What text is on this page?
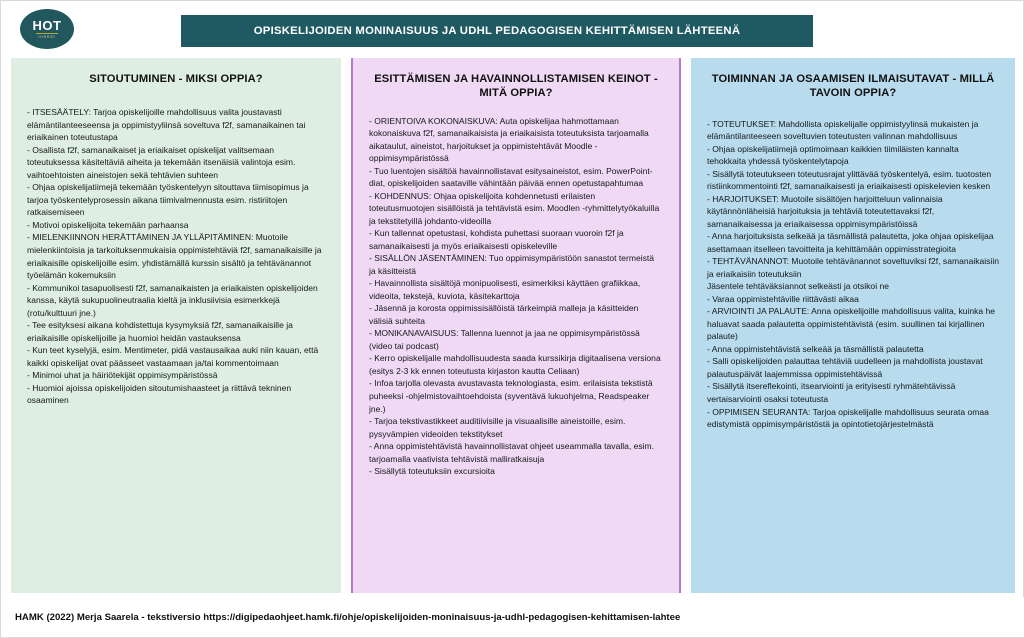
HOT
HYBRIDI	OPISKELIJOIDEN MONINAISUUS JA UDHL PEDAGOGISEN KEHITTÄMISEN LÄHTEENÄ
SITOUTUMINEN - MIKSI OPPIA?

- ITSESÄÄTELY: Tarjoa opiskelijoille mahdollisuus valita joustavasti elämäntilanteeseensa ja oppimistyyliinsä soveltuva f2f, samanaikainen tai eriaikainen toteutustapa

- Osallista f2f, samanaikaiset ja eriaikaiset opiskelijat valitsemaan toteutuksessa käsiteltäviä aiheita ja tekemään itsenäisiä valintoja esim. vaihtoehtoisten aineistojen sekä tehtävien suhteen

- Ohjaa opiskelijatiimejä tekemään työskentelyyn sitouttava tiimisopimus ja tarjoa työskentelyprosessin aikana tiimivalmennusta esim. ristiriitojen ratkaisemiseen

- Motivoi opiskelijoita tekemään parhaansa

- MIELENKIINNON HERÄTTÄMINEN JA YLLÄPITÄMINEN: Muotoile mielenkiintoisia ja tarkoituksenmukaisia oppimistehtäviä f2f, samanaikaisille ja eriaikaisille opiskelijoille esim. yhdistämällä kurssin sisältö ja tehtävänannot työelämän kokemuksiin

- Kommunikoi tasapuolisesti f2f, samanaikaisten ja eriaikaisten opiskelijoiden kanssa, käytä sukupuolineutraalia kieltä ja inklusiivisia esimerkkejä (rotu/kulttuuri jne.)

- Tee esityksesi aikana kohdistettuja kysymyksiä f2f, samanaikaisille ja eriaikaisille opiskelijoille ja huomioi heidän vastauksensa

- Kun teet kyselyjä, esim. Mentimeter, pidä vastausaikaa auki niin kauan, että kaikki opiskelijat ovat päässeet vastaamaan ja/tai kommentoimaan

- Minimoi uhat ja häiriötekijät oppimisympäristössä

- Huomioi ajoissa opiskelijoiden sitoutumishaasteet ja riittävä tekninen osaaminen

ESITTÄMISEN JA HAVAINNOLLISTAMISEN KEINOT - MITÄ OPPIA?

- ORIENTOIVA KOKONAISKUVA: Auta opiskelijaa hahmottamaan kokonaiskuva f2f, samanaikaisista ja eriaikaisista toteutuksista tarjoamalla aikataulut, aineistot, harjoitukset ja oppimistehtävät Moodle -oppimisympäristössä

- Tuo luentojen sisältöä havainnollistavat esitysaineistot, esim. PowerPoint-diat, opiskelijoiden saataville vähintään päivää ennen opetustapahtumaa

- KOHDENNUS: Ohjaa opiskelijoita kohdennetusti erilaisten toteutusmuotojen sisällöistä ja tehtävistä esim. Moodlen -ryhmittelytyökaluilla ja tekstitetyillä johdanto-videoilla

- Kun tallennat opetustasi, kohdista puhettasi suoraan vuoroin f2f ja samanaikaisesti ja myös eriaikaisesti opiskeleville

- SISÄLLÖN JÄSENTÄMINEN: Tuo oppimisympäristöön sanastot termeistä ja käsitteistä

- Havainnollista sisältöjä monipuolisesti, esimerkiksi käyttäen grafiikkaa, videoita, tekstejä, kuviota, käsitekarttoja

- Jäsennä ja korosta oppimissisällöistä tärkeimpiä malleja ja käsitteiden välisiä suhteita

- MONIKANAVAISUUS: Tallenna luennot ja jaa ne oppimisympäristössä (video tai podcast)

- Kerro opiskelijalle mahdollisuudesta saada kurssikirja digitaalisena versiona (esitys 2-3 kk ennen toteutusta kirjaston kautta Celiaan)

- Infoa tarjolla olevasta avustavasta teknologiasta, esim. erilaisista tekstistä puheeksi -ohjelmistovaihtoehdoista (syventävä lukuohjelma, Readspeaker jne.)

- Tarjoa tekstivastikkeet auditiivisille ja visuaalisille aineistoille, esim. pysyvämpien videoiden tekstitykset

- Anna oppimistehtävistä havainnollistavat ohjeet useammalla tavalla, esim. tarjoamalla vaativista tehtävistä malliratkaisuja

- Sisällytä toteutuksiin excursioita

TOIMINNAN JA OSAAMISEN ILMAISUTAVAT - MILLÄ TAVOIN OPPIA?

- TOTEUTUKSET: Mahdollista opiskelijalle oppimistyylinsä mukaisten ja elämäntilanteeseen soveltuvien toteutusten valinnan mahdollisuus

- Ohjaa opiskelijatiimejä optimoimaan kaikkien tiimiläisten kannalta tehokkaita yhdessä työskentelytapoja

- Sisällytä toteutukseen toteutusrajat ylittävää työskentelyä, esim. tuotosten ristiinkommentointi f2f, samanaikaisesti ja eriaikaisesti opiskelevien kesken

- HARJOITUKSET: Muotoile sisältöjen harjoitteluun valinnaisia käytännönläheisiä harjoituksia ja tehtäviä toteutettavaksi f2f, samanaikaisessa ja eriaikaisessa oppimisympäristöissä

- Anna harjoituksista selkeää ja täsmällistä palautetta, joka ohjaa opiskelijaa asettamaan itselleen tavoitteita ja kehittämään oppimisstrategioita

- TEHTÄVÄNANNOT: Muotoile tehtävänannot soveltuviksi f2f, samanaikaisiin ja eriaikaisiin toteutuksiin

Jäsentele tehtäväksiannot selkeästi ja otsikoi ne

- Varaa oppimistehtäville riittävästi aikaa

- ARVIOINTI JA PALAUTE: Anna opiskelijoille mahdollisuus valita, kuinka he haluavat saada palautetta oppimistehtävistä (esim. suullinen tai kirjallinen palaute)

- Anna oppimistehtävistä selkeää ja täsmällistä palautetta

- Salli opiskelijoiden palauttaa tehtäviä uudelleen ja mahdollista joustavat palautuspäivät laajemmissa oppimistehtävissä

- Sisällytä itsereflekointi, itsearviointi ja erityisesti ryhmätehtävissä vertaisarviointi osaksi toteutusta

- OPPIMISEN SEURANTA: Tarjoa opiskelijalle mahdollisuus seurata omaa edistymistä oppimisympäristöstä ja opintotietojärjestelmästä

HAMK (2022) Merja Saarela - tekstiversio https://digipedaohjeet.hamk.fi/ohje/opiskelijoiden-moninaisuus-ja-udhl-pedagogisen-kehittamisen-lahtee
